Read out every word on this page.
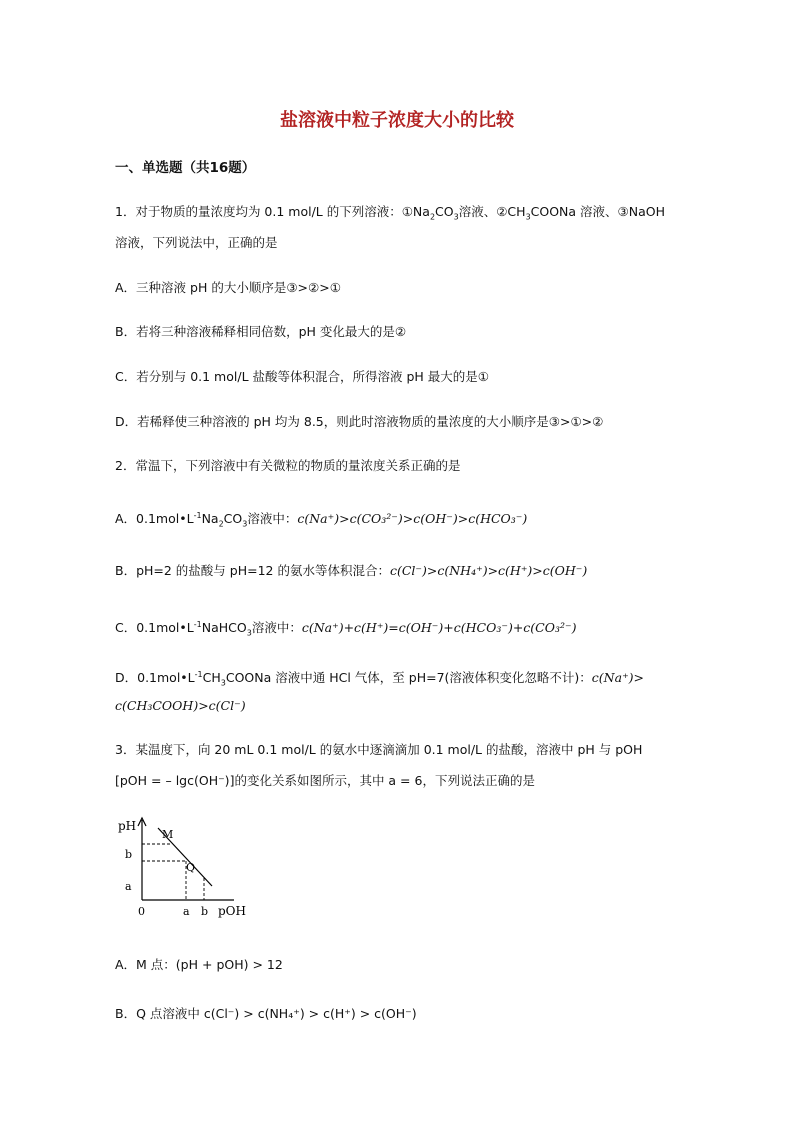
盐溶液中粒子浓度大小的比较
一、单选题（共16题）
1．对于物质的量浓度均为 0.1 mol/L 的下列溶液：$①Na_2CO_3$溶液、$②CH_3COONa$ 溶液、③NaOH
溶液，下列说法中，正确的是
A．三种溶液 pH 的大小顺序是③>②>①
B．若将三种溶液稀释相同倍数，pH 变化最大的是②
C．若分别与 0.1 mol/L 盐酸等体积混合，所得溶液 pH 最大的是①
D．若稀释使三种溶液的 pH 均为 8.5，则此时溶液物质的量浓度的大小顺序是③>①>②
2．常温下，下列溶液中有关微粒的物质的量浓度关系正确的是
A．$0.1mol•L^{-1}Na_2CO_3$溶液中：c(Na⁺)>c(CO₃²⁻)>c(OH⁻)>c(HCO₃⁻)
B．pH=2 的盐酸与 pH=12 的氨水等体积混合：c(Cl⁻)>c(NH₄⁺)>c(H⁺)>c(OH⁻)
C．$0.1mol•L^{-1}NaHCO_3$溶液中：c(Na⁺)+c(H⁺)=c(OH⁻)+c(HCO₃⁻)+c(CO₃²⁻)
D．$0.1mol•L^{-1}CH_3COONa$ 溶液中通 HCl 气体，至 pH=7(溶液体积变化忽略不计)：c(Na⁺)>
c(CH₃COOH)>c(Cl⁻)
3．某温度下，向 20 mL 0.1 mol/L 的氨水中逐滴滴加 0.1 mol/L 的盐酸，溶液中 pH 与 pOH
[pOH = – lgc(OH⁻)]的变化关系如图所示，其中 a = 6，下列说法正确的是
pH
pOH
0
b
a
a b
M
Q
A．M 点：(pH + pOH) > 12
B．Q 点溶液中 c(Cl⁻) > c(NH₄⁺) > c(H⁺) > c(OH⁻)
